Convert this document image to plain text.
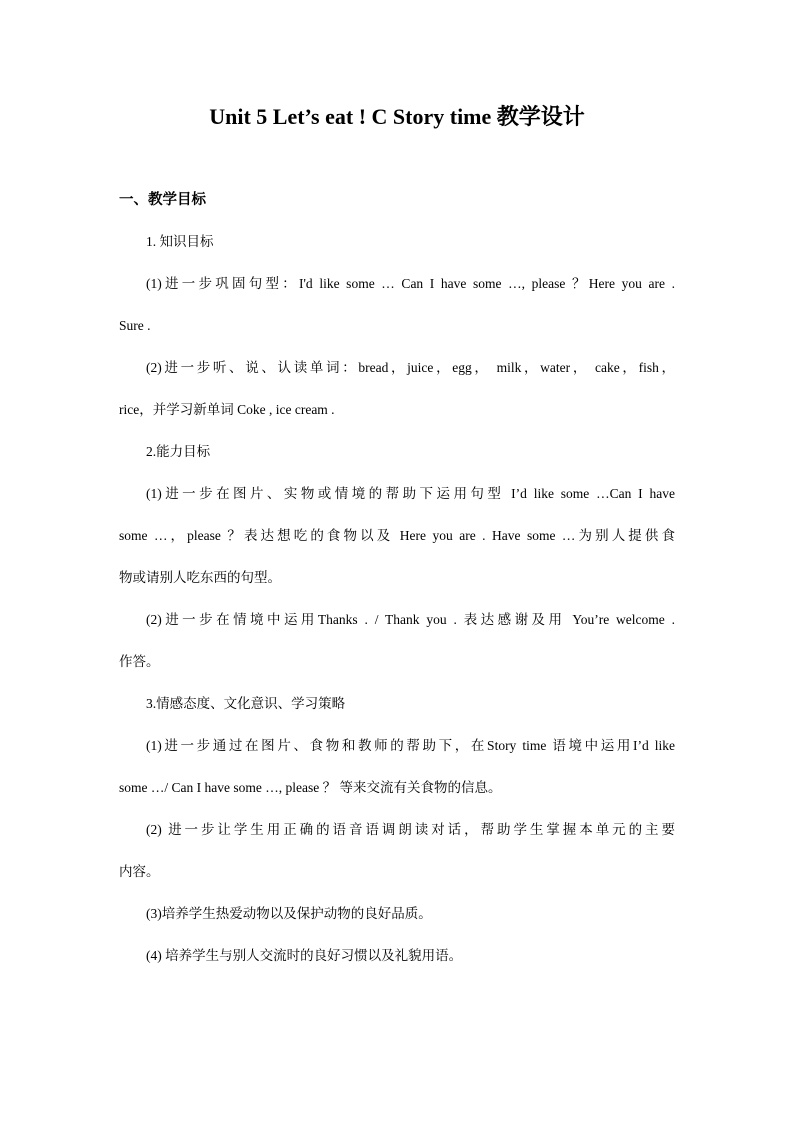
Unit 5 Let’s eat ! C Story time 教学设计
一、教学目标
1. 知识目标
(1)进一步巩固句型：I'd like some … Can I have some …, please ？Here you are .
Sure .
(2)进一步听、说、认读单词：bread，juice，egg， milk，water， cake，fish，
rice，并学习新单词 Coke , ice cream .
2.能力目标
(1)进一步在图片、实物或情境的帮助下运用句型 I’d like some …Can I have
some …，please ？表达想吃的食物以及 Here you are . Have some …为别人提供食
物或请别人吃东西的句型。
(2)进一步在情境中运用Thanks . / Thank you . 表达感谢及用 You’re welcome .
作答。
3.情感态度、文化意识、学习策略
(1)进一步通过在图片、食物和教师的帮助下，在Story time 语境中运用I’d like
some …/ Can I have some …, please ？ 等来交流有关食物的信息。
(2) 进一步让学生用正确的语音语调朗读对话，帮助学生掌握本单元的主要
内容。
(3)培养学生热爱动物以及保护动物的良好品质。
(4) 培养学生与别人交流时的良好习惯以及礼貌用语。
